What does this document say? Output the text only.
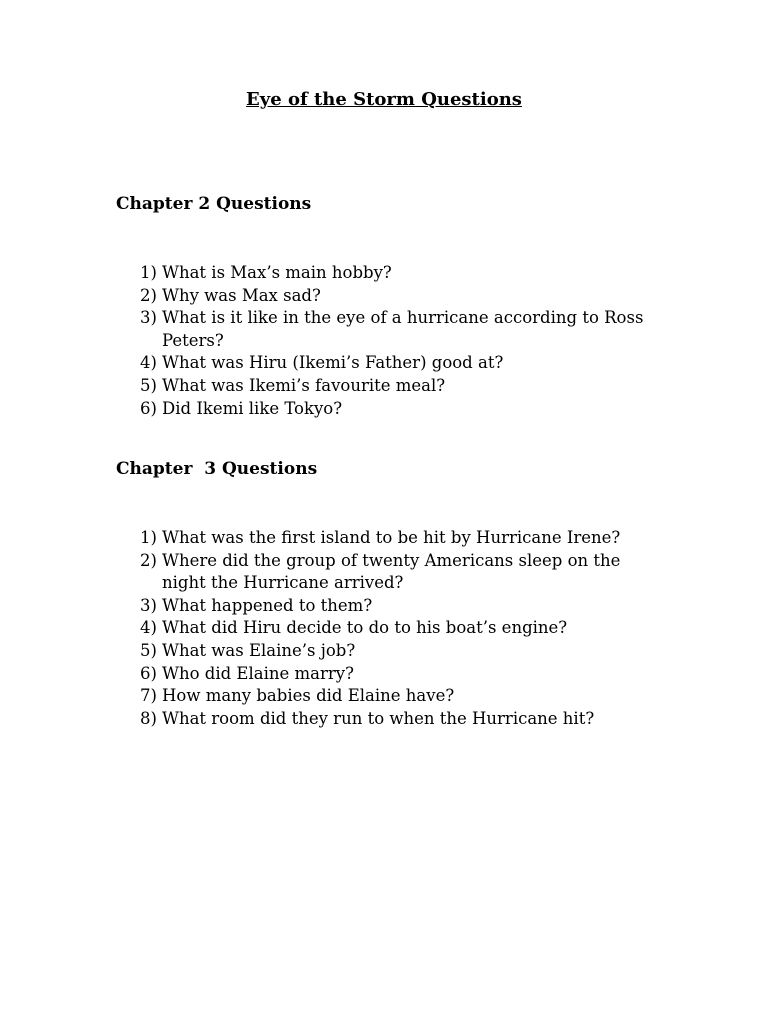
Eye of the Storm Questions
Chapter 2 Questions
1) What is Max’s main hobby?
2) Why was Max sad?
3) What is it like in the eye of a hurricane according to Ross Peters?
4) What was Hiru (Ikemi’s Father) good at?
5) What was Ikemi’s favourite meal?
6) Did Ikemi like Tokyo?
Chapter  3 Questions
1) What was the first island to be hit by Hurricane Irene?
2) Where did the group of twenty Americans sleep on the night the Hurricane arrived?
3) What happened to them?
4) What did Hiru decide to do to his boat’s engine?
5) What was Elaine’s job?
6) Who did Elaine marry?
7) How many babies did Elaine have?
8) What room did they run to when the Hurricane hit?
